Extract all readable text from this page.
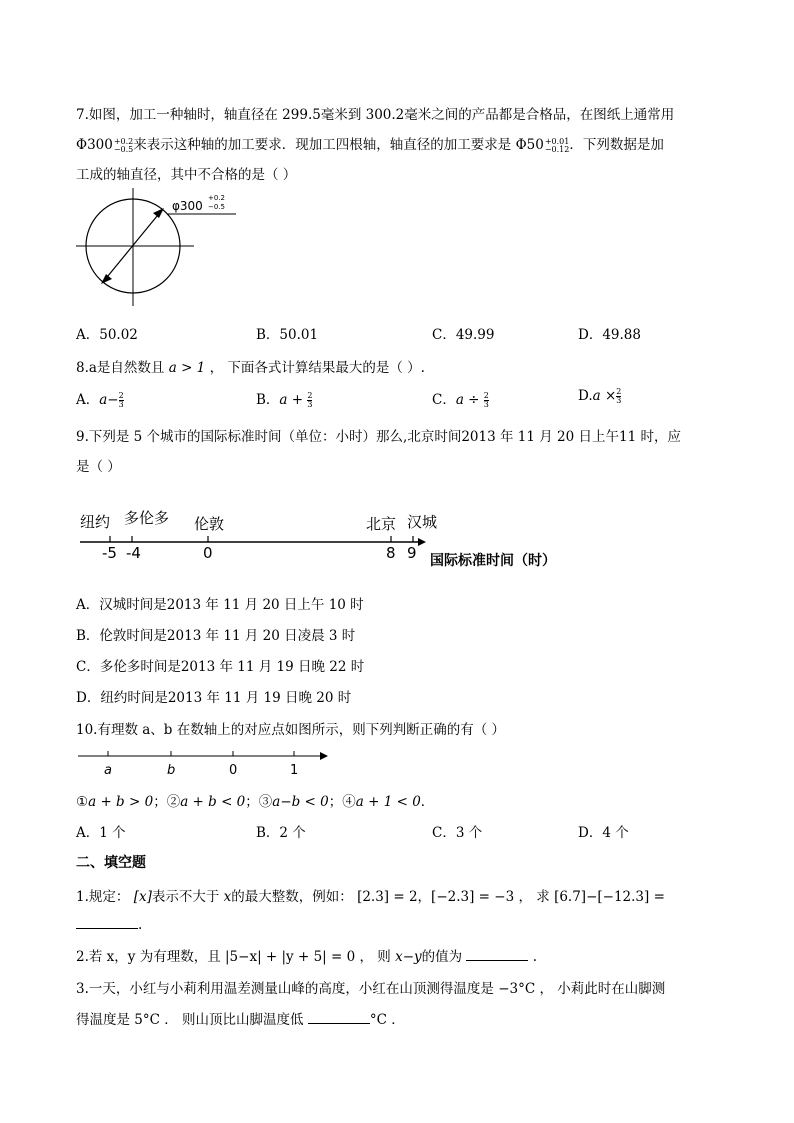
7.如图，加工一种轴时，轴直径在 299.5毫米到 300.2毫米之间的产品都是合格品，在图纸上通常用
Φ300 +0.2
−0.5 来表示这种轴的加工要求．现加工四根轴，轴直径的加工要求是 Φ50 +0.01
−0.12 ．下列数据是加
工成的轴直径，其中不合格的是（ ）
φ300
+0.2
−0.5
A．50.02	B．50.01	C．49.99	D．49.88
8.a是自然数且 a > 1 ， 下面各式计算结果最大的是（ ）.
A．$a- \frac{2}{3}$	B．$a + \frac{2}{3}$	C．$a \div \frac{2}{3}$	$D.a \times \frac{2}{3}$
9.下列是 5 个城市的国际标准时间（单位：小时）那么,北京时间2013 年 11 月 20 日上午11 时，应
是（ ）
纽约 多伦多 伦敦	北京 汉城
-5 -4	0	8 9 国际标准时间（时）
A．汉城时间是2013 年 11 月 20 日上午 10 时
B．伦敦时间是2013 年 11 月 20 日凌晨 3 时
C．多伦多时间是2013 年 11 月 19 日晚 22 时
D．纽约时间是2013 年 11 月 19 日晚 20 时
10.有理数 a、b 在数轴上的对应点如图所示，则下列判断正确的有（ ）
a	b	0	1
①a + b > 0；②a + b < 0；③a−b < 0；④a + 1 < 0．
A．1 个	B．2 个	C．3 个	D．4 个
二、填空题
1.规定： [x]表示不大于 x的最大整数，例如： [2.3] = 2，[−2.3] = −3 ， 求 [6.7]−[−12.3] =
.
2.若 x，y 为有理数，且 |5−x| + |y + 5| = 0 ， 则 x−y的值为	.
3.一天，小红与小莉利用温差测量山峰的高度，小红在山顶测得温度是 −3°C ， 小莉此时在山脚测
得温度是 5°C ． 则山顶比山脚温度低	°C ．
